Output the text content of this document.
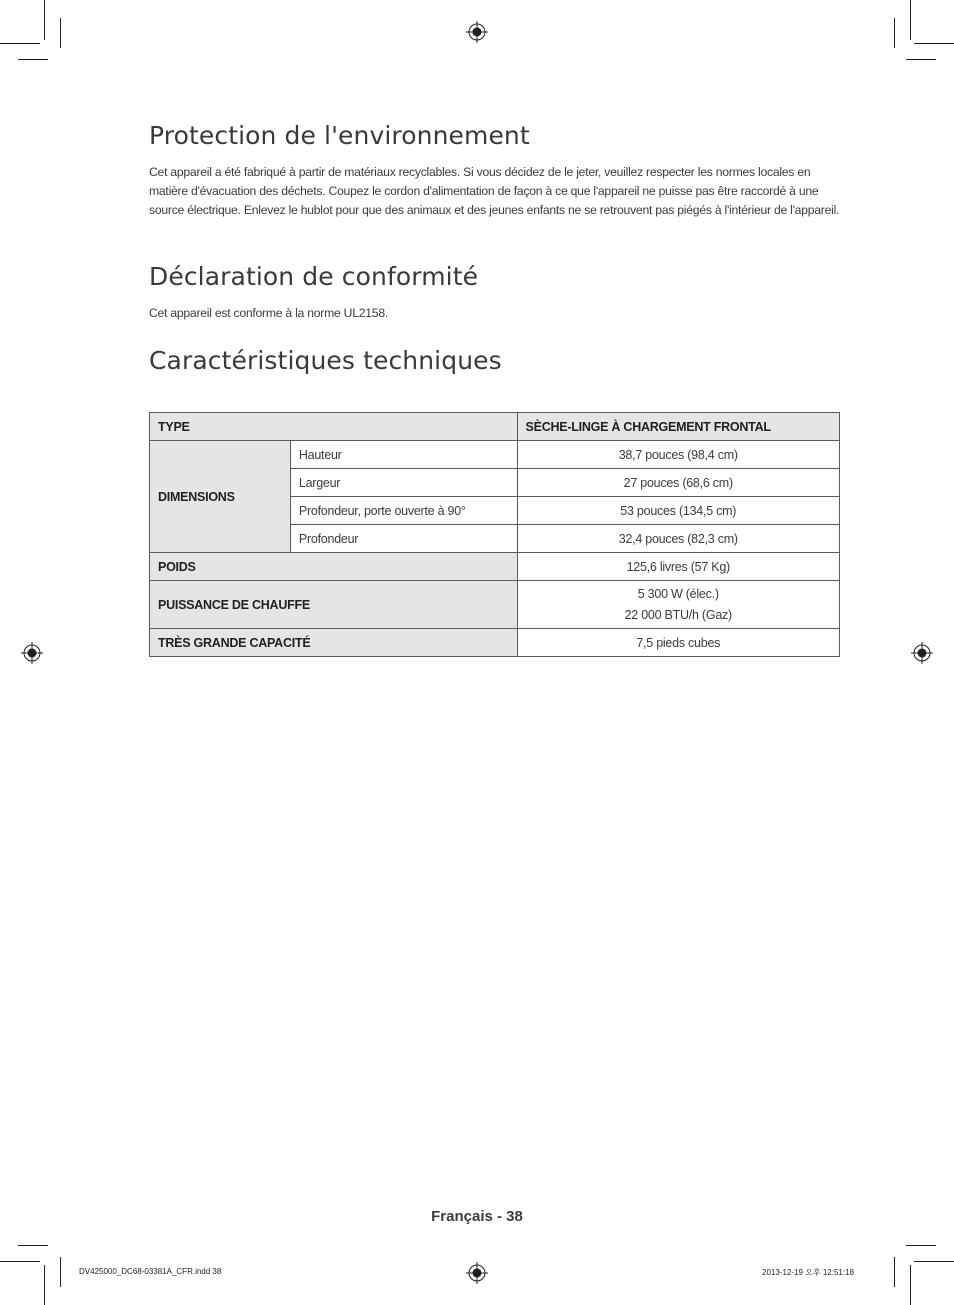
Protection de l'environnement

Cet appareil a été fabriqué à partir de matériaux recyclables. Si vous décidez de le jeter, veuillez respecter les normes locales en matière d'évacuation des déchets. Coupez le cordon d'alimentation de façon à ce que l'appareil ne puisse pas être raccordé à une source électrique. Enlevez le hublot pour que des animaux et des jeunes enfants ne se retrouvent pas piégés à l'intérieur de l'appareil.

Déclaration de conformité

Cet appareil est conforme à la norme UL2158.

Caractéristiques techniques
TYPE		SÈCHE-LINGE À CHARGEMENT FRONTAL
DIMENSIONS	Hauteur	38,7 pouces (98,4 cm)
	Largeur	27 pouces (68,6 cm)
	Profondeur, porte ouverte à 90°	53 pouces (134,5 cm)
	Profondeur	32,4 pouces (82,3 cm)
POIDS		125,6 livres (57 Kg)
PUISSANCE DE CHAUFFE		5 300 W (élec.)
22 000 BTU/h (Gaz)

TRÈS GRANDE CAPACITÉ		7,5 pieds cubes
Français - 38
DV425000_DC68-03381A_CFR.indd 38	2013-12-19 오후 12:51:18
